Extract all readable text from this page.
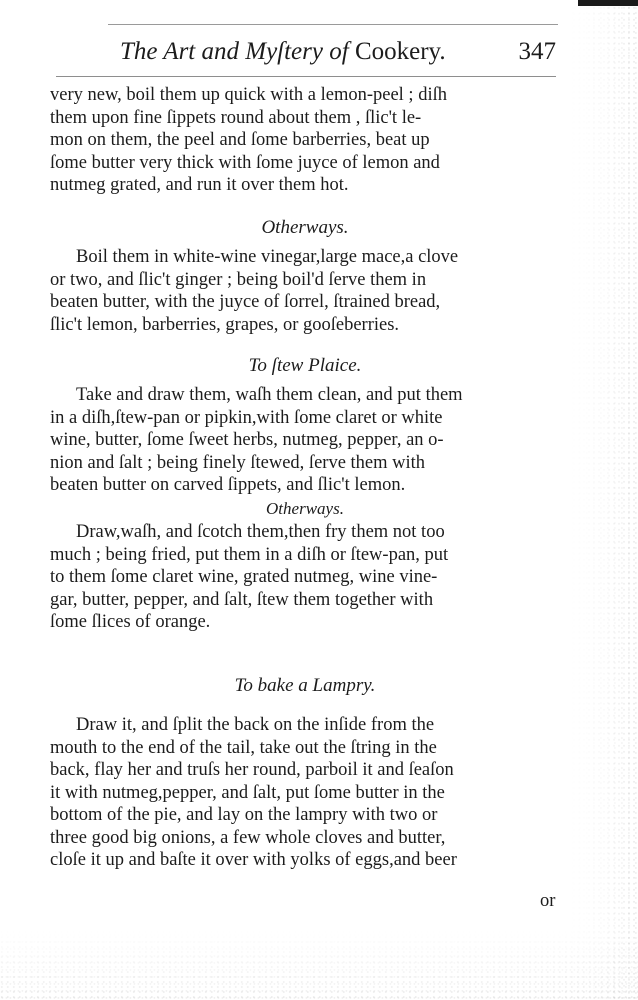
The Art and Myſtery of Cookery.	347
very new, boil them up quick with a lemon-peel ; diſh
them upon fine ſippets round about them , ſlic't le-
mon on them, the peel and ſome barberries, beat up
ſome butter very thick with ſome juyce of lemon and
nutmeg grated, and run it over them hot.
Otherways.
Boil them in white-wine vinegar,large mace,a clove
or two, and ſlic't ginger ; being boil'd ſerve them in
beaten butter, with the juyce of ſorrel, ſtrained bread,
ſlic't lemon, barberries, grapes, or gooſeberries.
To ſtew Plaice.
Take and draw them, waſh them clean, and put them
in a diſh,ſtew-pan or pipkin,with ſome claret or white
wine, butter, ſome ſweet herbs, nutmeg, pepper, an o-
nion and ſalt ; being finely ſtewed, ſerve them with
beaten butter on carved ſippets, and ſlic't lemon.
Otherways.
Draw,waſh, and ſcotch them,then fry them not too
much ; being fried, put them in a diſh or ſtew-pan, put
to them ſome claret wine, grated nutmeg, wine vine-
gar, butter, pepper, and ſalt, ſtew them together with
ſome ſlices of orange.
To bake a Lampry.
Draw it, and ſplit the back on the inſide from the
mouth to the end of the tail, take out the ſtring in the
back, flay her and truſs her round, parboil it and ſeaſon
it with nutmeg,pepper, and ſalt, put ſome butter in the
bottom of the pie, and lay on the lampry with two or
three good big onions, a few whole cloves and butter,
cloſe it up and baſte it over with yolks of eggs,and beer
or
